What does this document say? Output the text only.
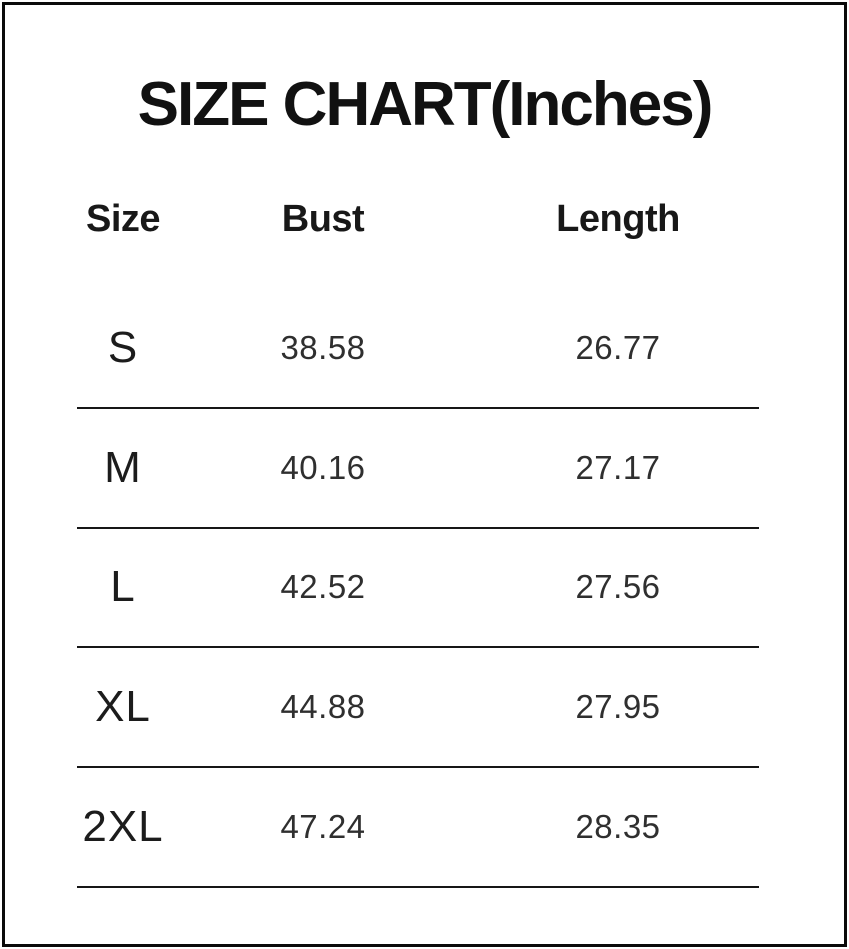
SIZE CHART(Inches)
Size	Bust	Length
S	38.58	26.77
M	40.16	27.17
L	42.52	27.56
XL	44.88	27.95
2XL	47.24	28.35
